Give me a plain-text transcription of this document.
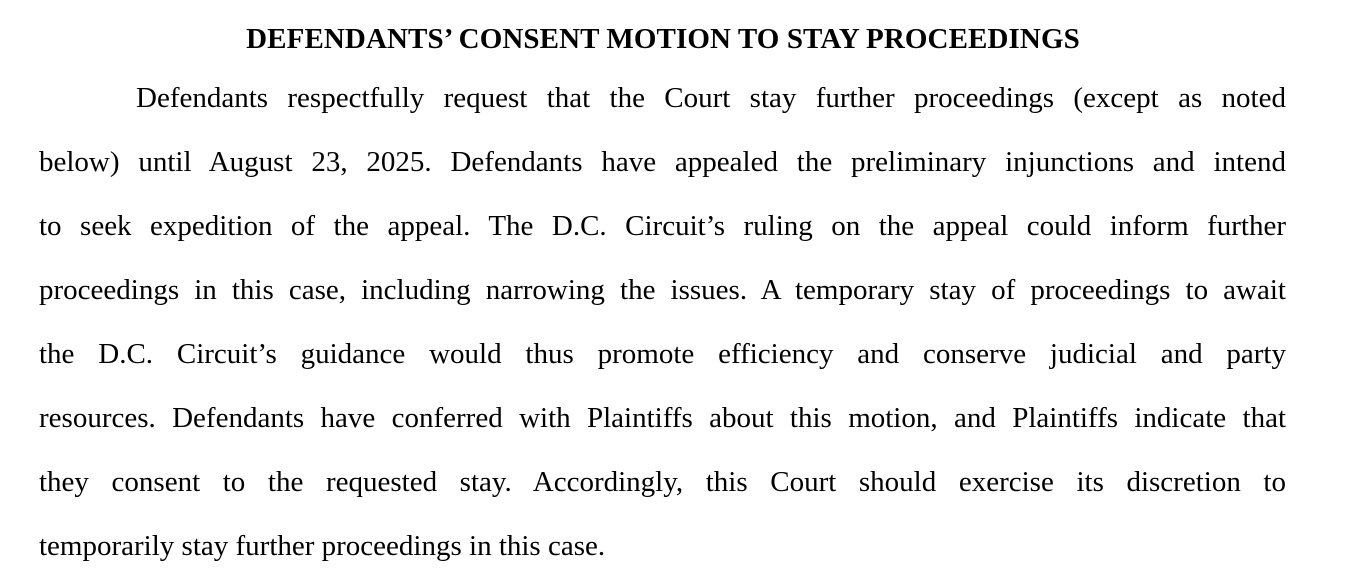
DEFENDANTS’ CONSENT MOTION TO STAY PROCEEDINGS
Defendants respectfully request that the Court stay further proceedings (except as noted
below) until August 23, 2025. Defendants have appealed the preliminary injunctions and intend
to seek expedition of the appeal. The D.C. Circuit’s ruling on the appeal could inform further
proceedings in this case, including narrowing the issues. A temporary stay of proceedings to await
the D.C. Circuit’s guidance would thus promote efficiency and conserve judicial and party
resources. Defendants have conferred with Plaintiffs about this motion, and Plaintiffs indicate that
they consent to the requested stay. Accordingly, this Court should exercise its discretion to
temporarily stay further proceedings in this case.
